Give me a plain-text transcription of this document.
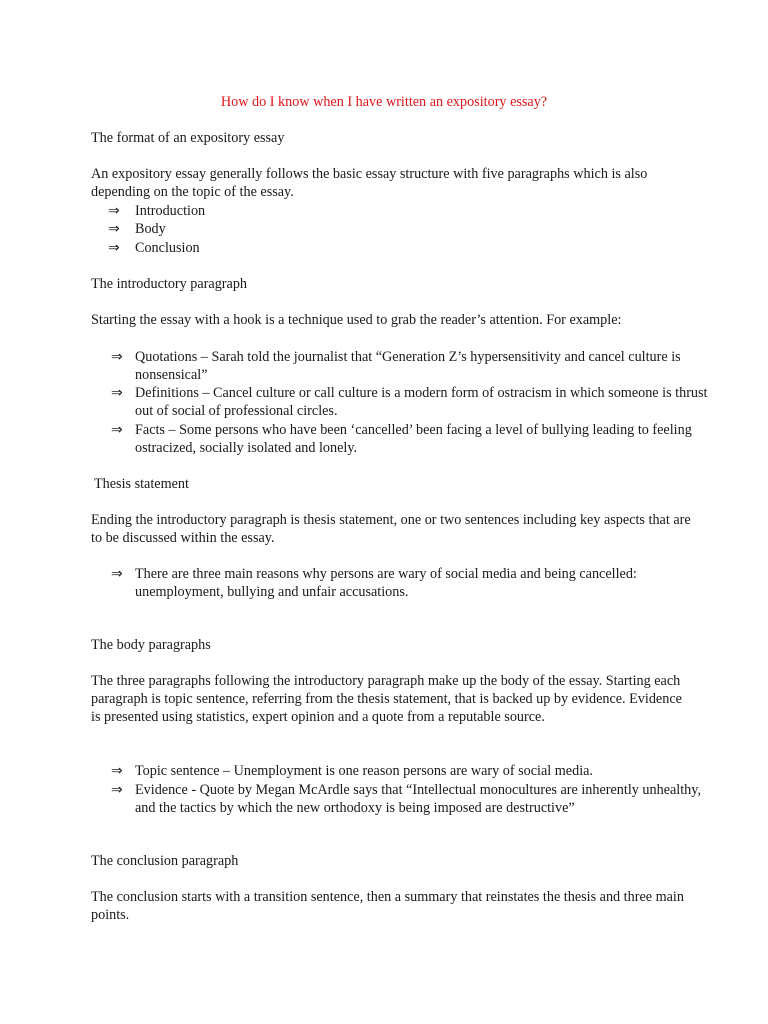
How do I know when I have written an expository essay?

The format of an expository essay

An expository essay generally follows the basic essay structure with five paragraphs which is also depending on the topic of the essay.

⇒ Introduction
⇒ Body
⇒ Conclusion

The introductory paragraph

Starting the essay with a hook is a technique used to grab the reader’s attention. For example:

⇒ Quotations – Sarah told the journalist that “Generation Z’s hypersensitivity and cancel culture is nonsensical”
⇒ Definitions – Cancel culture or call culture is a modern form of ostracism in which someone is thrust out of social of professional circles.
⇒ Facts – Some persons who have been ‘cancelled’ been facing a level of bullying leading to feeling ostracized, socially isolated and lonely.

Thesis statement

Ending the introductory paragraph is thesis statement, one or two sentences including key aspects that are to be discussed within the essay.

⇒ There are three main reasons why persons are wary of social media and being cancelled: unemployment, bullying and unfair accusations.

The body paragraphs

The three paragraphs following the introductory paragraph make up the body of the essay. Starting each paragraph is topic sentence, referring from the thesis statement, that is backed up by evidence. Evidence is presented using statistics, expert opinion and a quote from a reputable source.

⇒ Topic sentence – Unemployment is one reason persons are wary of social media.
⇒ Evidence - Quote by Megan McArdle says that “Intellectual monocultures are inherently unhealthy, and the tactics by which the new orthodoxy is being imposed are destructive”

The conclusion paragraph

The conclusion starts with a transition sentence, then a summary that reinstates the thesis and three main points.
